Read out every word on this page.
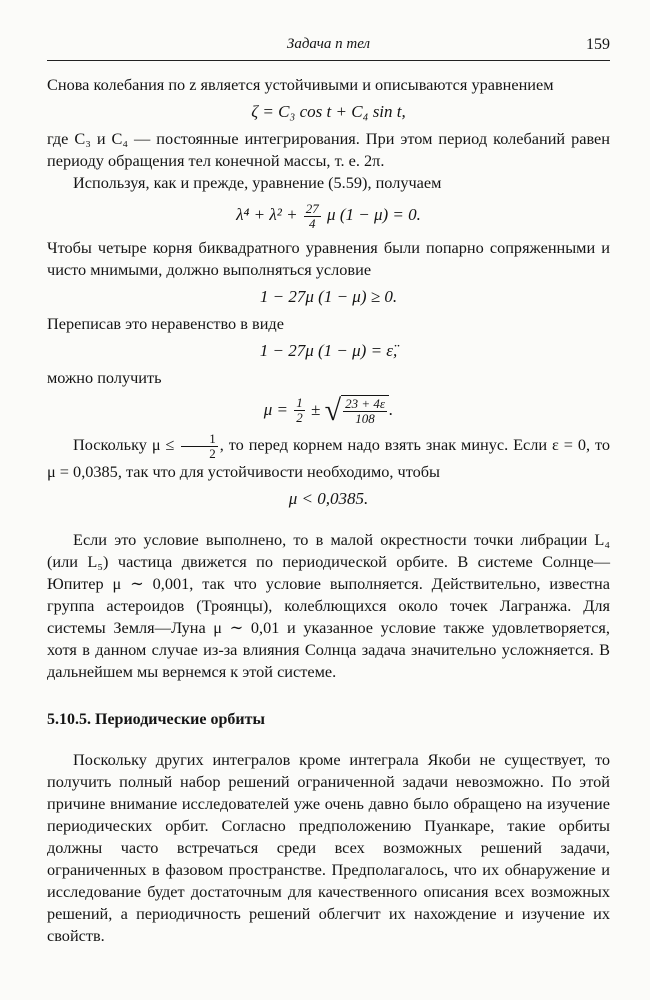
Задача n тел	159

Снова колебания по z является устойчивыми и описываются уравнением

ζ = C₃ cos t + C₄ sin t,

где C₃ и C₄ — постоянные интегрирования. При этом период колебаний равен периоду обращения тел конечной массы, т. е. 2π.

Используя, как и прежде, уравнение (5.59), получаем

$\lambda^4 + \lambda^2 + \frac{27}{4}$ μ (1 − μ) = 0.

Чтобы четыре корня биквадратного уравнения были попарно сопряженными и чисто мнимыми, должно выполняться условие

1 − 27μ (1 − μ) ≥ 0.

Переписав это неравенство в виде

1 − 27μ (1 − μ) = ε̈,

можно получить

$\mu = \frac{1}{2}$ ± √ $\frac{23 + 4\varepsilon}{108}$ .

Поскольку $\mu \le \frac{1}{2}$ , то перед корнем надо взять знак минус. Если ε = 0, то μ = 0,0385, так что для устойчивости необходимо, чтобы

μ < 0,0385.

Если это условие выполнено, то в малой окрестности точки либрации L₄ (или L₅) частица движется по периодической орбите. В системе Солнце—Юпитер μ ∼ 0,001, так что условие выполняется. Действительно, известна группа астероидов (Троянцы), колеблющихся около точек Лагранжа. Для системы Земля—Луна μ ∼ 0,01 и указанное условие также удовлетворяется, хотя в данном случае из-за влияния Солнца задача значительно усложняется. В дальнейшем мы вернемся к этой системе.

5.10.5. Периодические орбиты

Поскольку других интегралов кроме интеграла Якоби не существует, то получить полный набор решений ограниченной задачи невозможно. По этой причине внимание исследователей уже очень давно было обращено на изучение периодических орбит. Согласно предположению Пуанкаре, такие орбиты должны часто встречаться среди всех возможных решений задачи, ограниченных в фазовом пространстве. Предполагалось, что их обнаружение и исследование будет достаточным для качественного описания всех возможных решений, а периодичность решений облегчит их нахождение и изучение их свойств.
